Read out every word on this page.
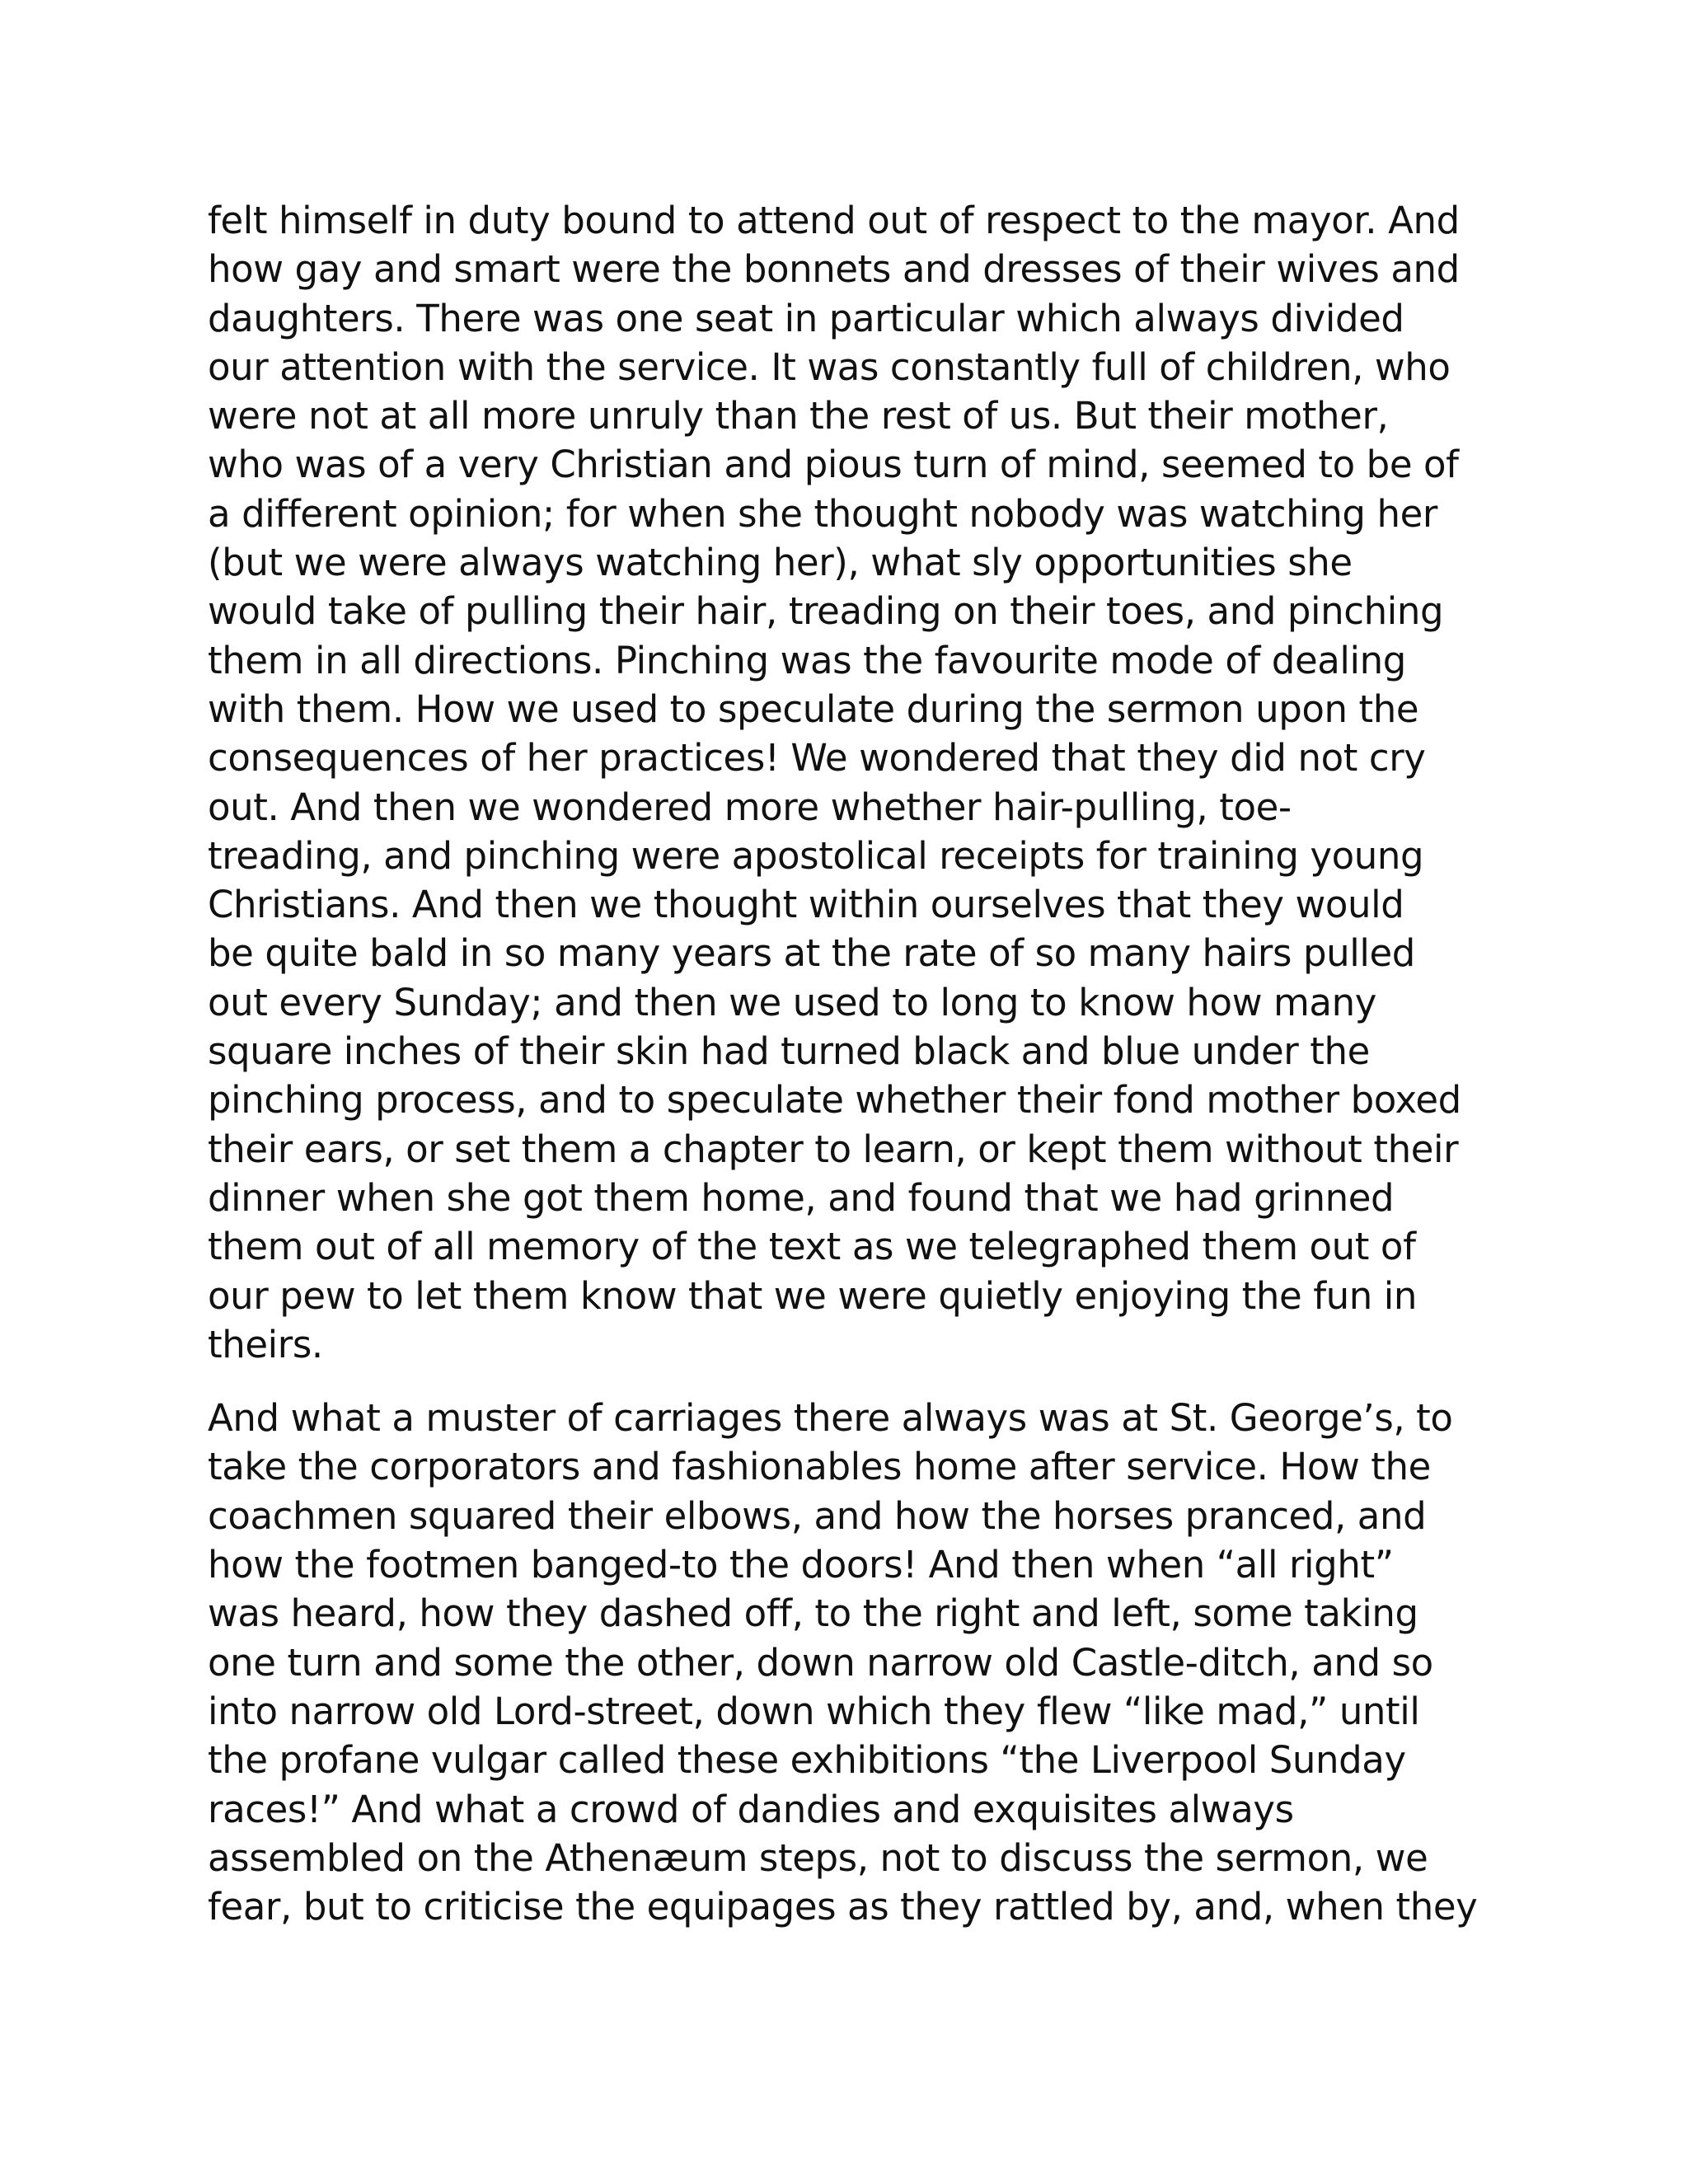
felt himself in duty bound to attend out of respect to the mayor. And
how gay and smart were the bonnets and dresses of their wives and
daughters. There was one seat in particular which always divided
our attention with the service. It was constantly full of children, who
were not at all more unruly than the rest of us. But their mother,
who was of a very Christian and pious turn of mind, seemed to be of
a different opinion; for when she thought nobody was watching her
(but we were always watching her), what sly opportunities she
would take of pulling their hair, treading on their toes, and pinching
them in all directions. Pinching was the favourite mode of dealing
with them. How we used to speculate during the sermon upon the
consequences of her practices! We wondered that they did not cry
out. And then we wondered more whether hair-pulling, toe-
treading, and pinching were apostolical receipts for training young
Christians. And then we thought within ourselves that they would
be quite bald in so many years at the rate of so many hairs pulled
out every Sunday; and then we used to long to know how many
square inches of their skin had turned black and blue under the
pinching process, and to speculate whether their fond mother boxed
their ears, or set them a chapter to learn, or kept them without their
dinner when she got them home, and found that we had grinned
them out of all memory of the text as we telegraphed them out of
our pew to let them know that we were quietly enjoying the fun in
theirs.

And what a muster of carriages there always was at St. George’s, to
take the corporators and fashionables home after service. How the
coachmen squared their elbows, and how the horses pranced, and
how the footmen banged-to the doors! And then when “all right”
was heard, how they dashed off, to the right and left, some taking
one turn and some the other, down narrow old Castle-ditch, and so
into narrow old Lord-street, down which they flew “like mad,” until
the profane vulgar called these exhibitions “the Liverpool Sunday
races!” And what a crowd of dandies and exquisites always
assembled on the Athenæum steps, not to discuss the sermon, we
fear, but to criticise the equipages as they rattled by, and, when they
